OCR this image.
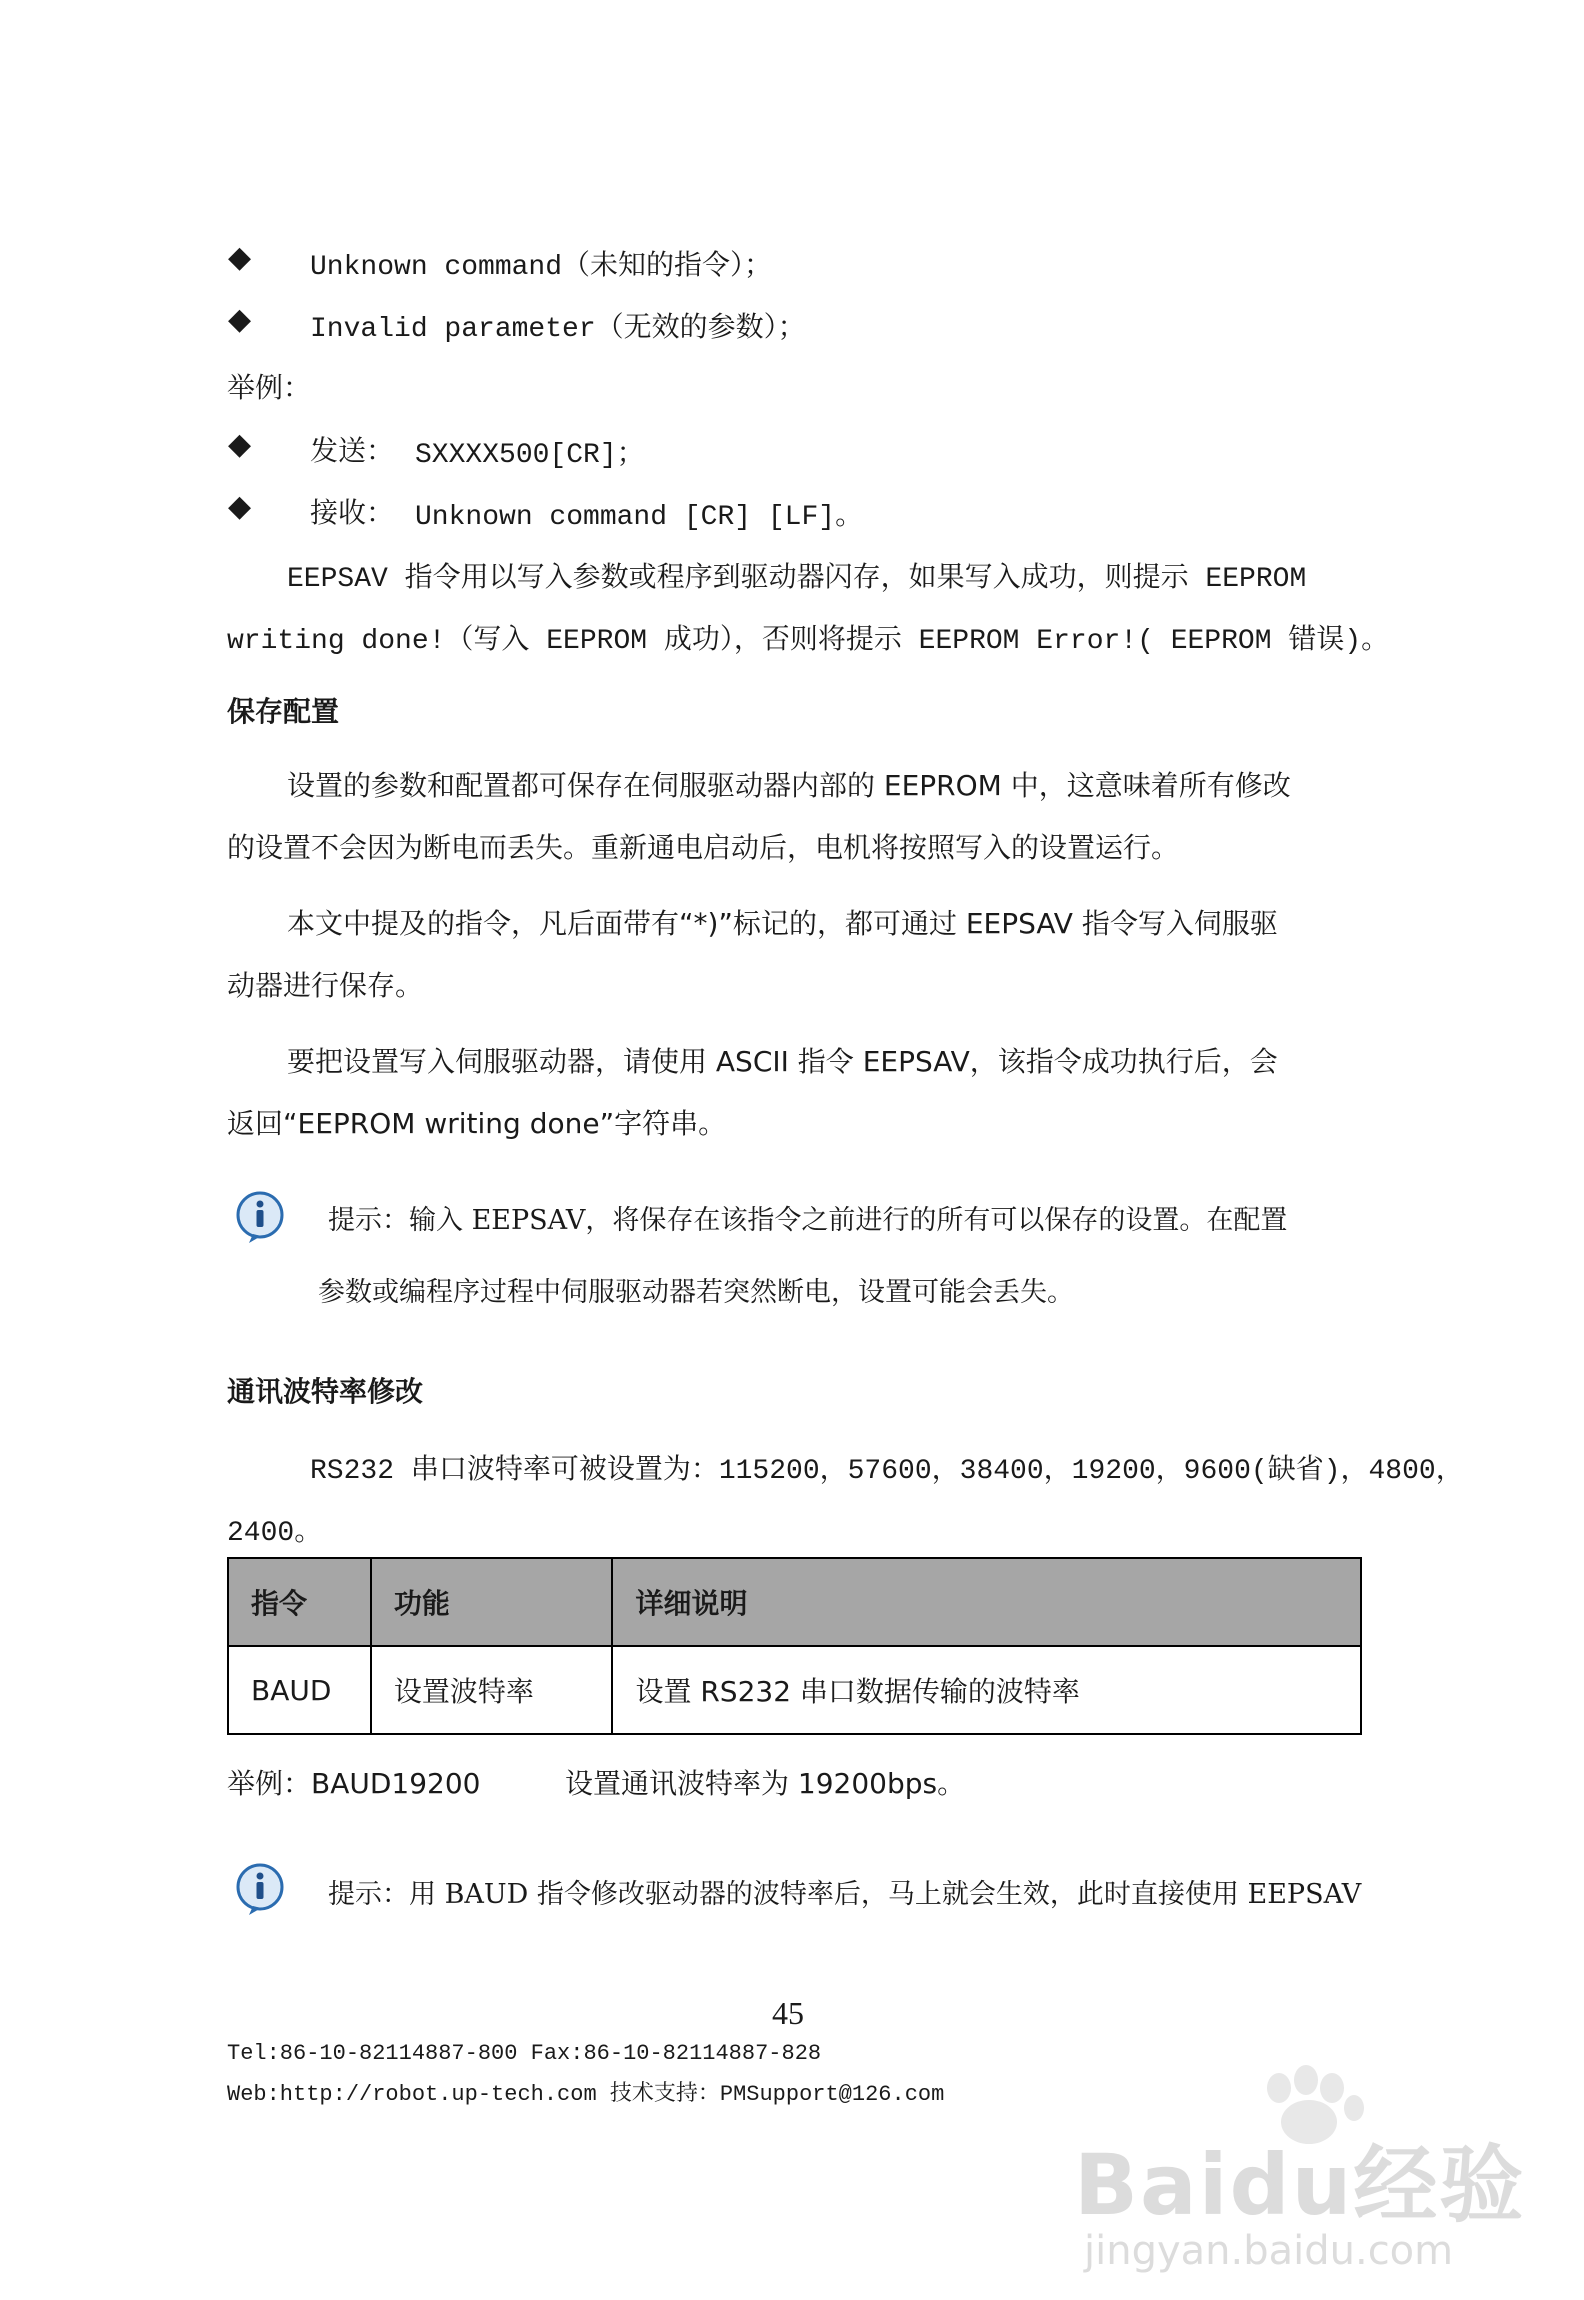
◆ Unknown command（未知的指令）；
◆ Invalid parameter（无效的参数）；
举例：
◆ 发送： SXXXX500[CR]；
◆ 接收： Unknown command [CR] [LF]。
EEPSAV 指令用以写入参数或程序到驱动器闪存，如果写入成功，则提示 EEPROM
writing done!（写入 EEPROM 成功），否则将提示 EEPROM Error!( EEPROM 错误)。
保存配置
设置的参数和配置都可保存在伺服驱动器内部的 EEPROM 中，这意味着所有修改
的设置不会因为断电而丢失。重新通电启动后，电机将按照写入的设置运行。
本文中提及的指令，凡后面带有“*)”标记的，都可通过 EEPSAV 指令写入伺服驱
动器进行保存。
要把设置写入伺服驱动器，请使用 ASCII 指令 EEPSAV，该指令成功执行后，会
返回“EEPROM writing done”字符串。
提示：输入 EEPSAV，将保存在该指令之前进行的所有可以保存的设置。在配置
参数或编程序过程中伺服驱动器若突然断电，设置可能会丢失。
通讯波特率修改
RS232 串口波特率可被设置为：115200，57600，38400，19200，9600(缺省)，4800，
2400。
指令	功能	详细说明
BAUD	设置波特率	设置 RS232 串口数据传输的波特率
举例：BAUD19200	设置通讯波特率为 19200bps。
提示：用 BAUD 指令修改驱动器的波特率后，马上就会生效，此时直接使用 EEPSAV
45
Tel:86-10-82114887-800 Fax:86-10-82114887-828
Web:http://robot.up-tech.com 技术支持：PMSupport@126.com
Baidu经验
jingyan.baidu.com
